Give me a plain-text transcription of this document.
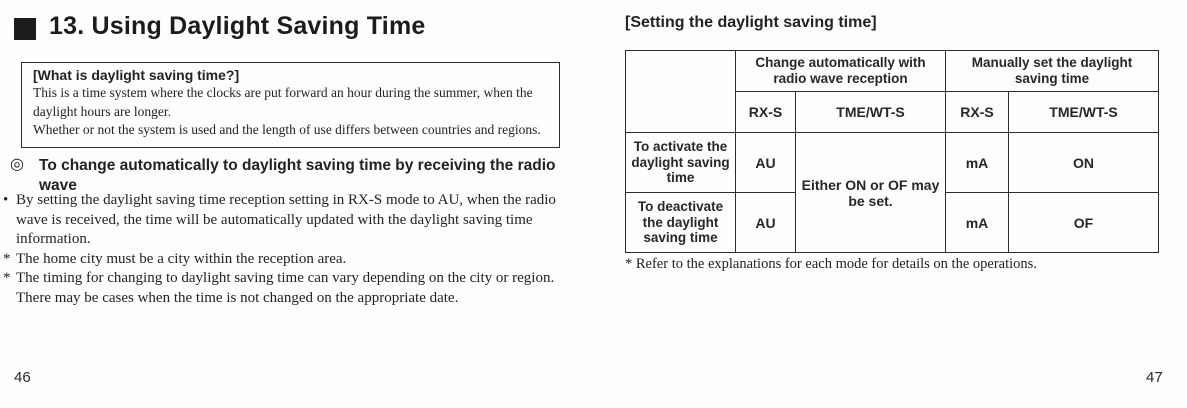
13. Using Daylight Saving Time
[What is daylight saving time?]
This is a time system where the clocks are put forward an hour during the summer, when the daylight hours are longer.
Whether or not the system is used and the length of use differs between countries and regions.
◎ To change automatically to daylight saving time by receiving the radio wave
• By setting the daylight saving time reception setting in RX-S mode to AU, when the radio wave is received, the time will be automatically updated with the daylight saving time information.
* The home city must be a city within the reception area.
* The timing for changing to daylight saving time can vary depending on the city or region. There may be cases when the time is not changed on the appropriate date.
46
[Setting the daylight saving time]
	Change automatically with radio wave reception		Manually set the daylight saving time	
	RX-S	TME/WT-S	RX-S	TME/WT-S
To activate the daylight saving time	AU	Either ON or OF may be set.	mA	ON
To deactivate the daylight saving time	AU		mA	OF
* Refer to the explanations for each mode for details on the operations.
47
